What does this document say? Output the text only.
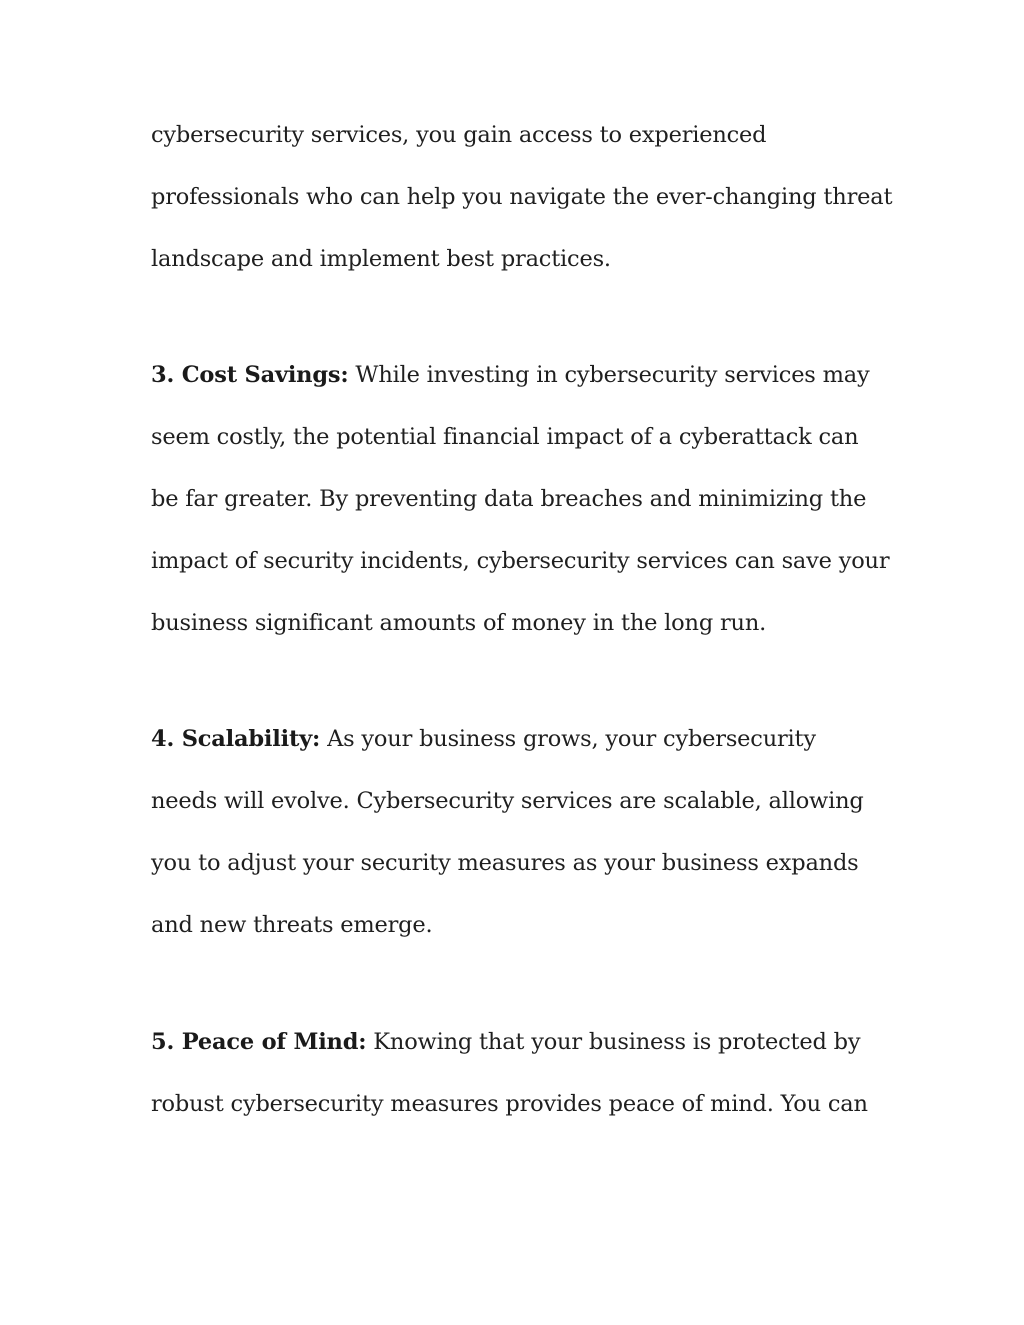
cybersecurity services, you gain access to experienced
professionals who can help you navigate the ever-changing threat
landscape and implement best practices.
3. Cost Savings: While investing in cybersecurity services may
seem costly, the potential financial impact of a cyberattack can
be far greater. By preventing data breaches and minimizing the
impact of security incidents, cybersecurity services can save your
business significant amounts of money in the long run.
4. Scalability: As your business grows, your cybersecurity
needs will evolve. Cybersecurity services are scalable, allowing
you to adjust your security measures as your business expands
and new threats emerge.
5. Peace of Mind: Knowing that your business is protected by
robust cybersecurity measures provides peace of mind. You can
